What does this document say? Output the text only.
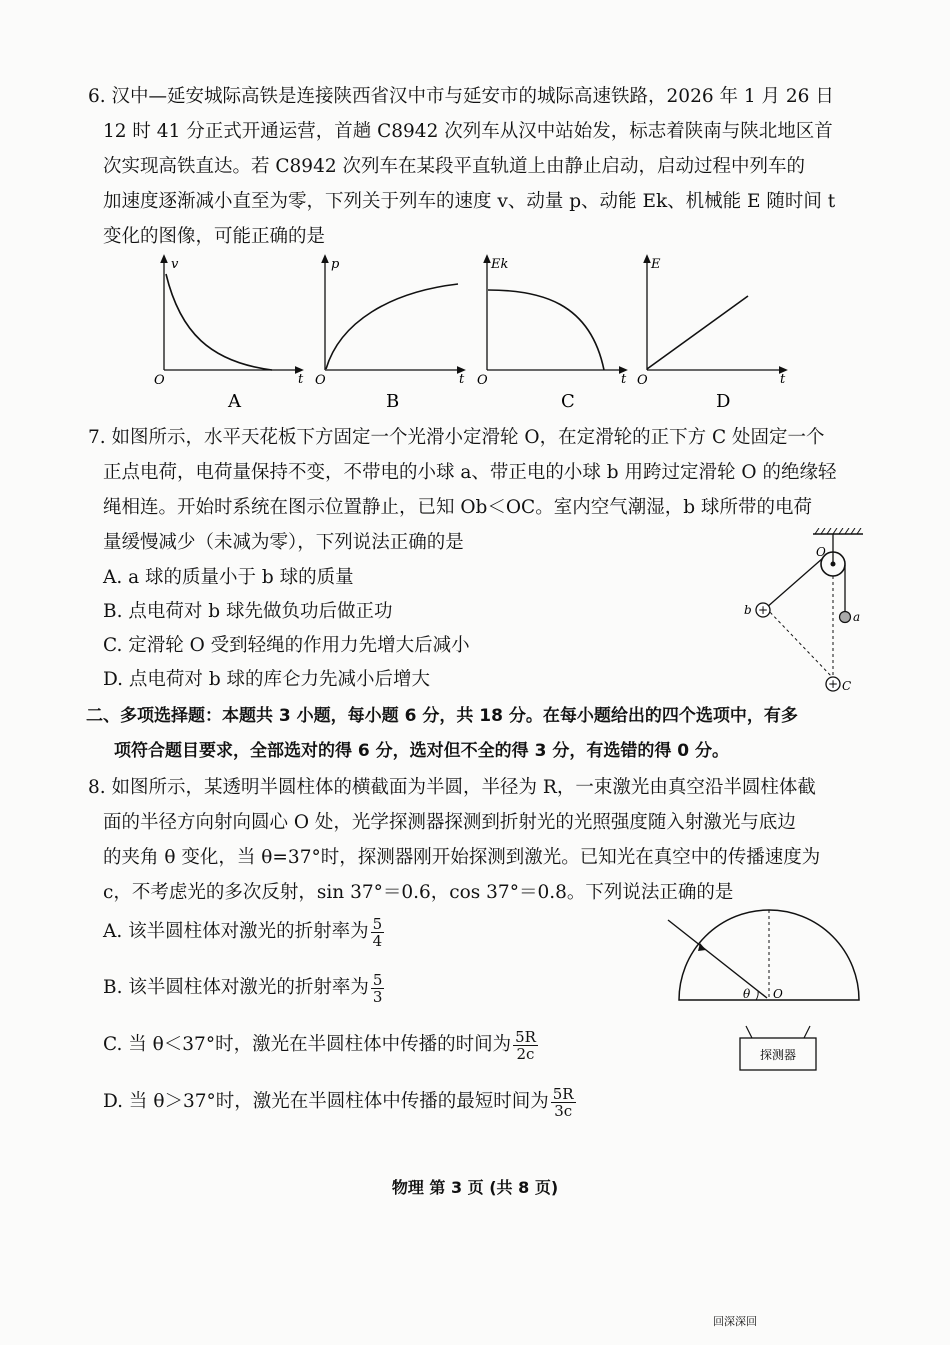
6. 汉中—延安城际高铁是连接陕西省汉中市与延安市的城际高速铁路，2026 年 1 月 26 日
12 时 41 分正式开通运营，首趟 C8942 次列车从汉中站始发，标志着陕南与陕北地区首
次实现高铁直达。若 C8942 次列车在某段平直轨道上由静止启动，启动过程中列车的
加速度逐渐减小直至为零，下列关于列车的速度 v、动量 p、动能 Ek、机械能 E 随时间 t
变化的图像，可能正确的是
v
t
O
p
t
O
Ek
t
O
E
t
O
A	B	C	D
7. 如图所示，水平天花板下方固定一个光滑小定滑轮 O，在定滑轮的正下方 C 处固定一个
正点电荷，电荷量保持不变，不带电的小球 a、带正电的小球 b 用跨过定滑轮 O 的绝缘轻
绳相连。开始时系统在图示位置静止，已知 Ob＜OC。室内空气潮湿，b 球所带的电荷
量缓慢减少（未减为零），下列说法正确的是
A. a 球的质量小于 b 球的质量
B. 点电荷对 b 球先做负功后做正功
C. 定滑轮 O 受到轻绳的作用力先增大后减小
D. 点电荷对 b 球的库仑力先减小后增大
+
+
O
b	a
C
二、多项选择题：本题共 3 小题，每小题 6 分，共 18 分。在每小题给出的四个选项中，有多
项符合题目要求，全部选对的得 6 分，选对但不全的得 3 分，有选错的得 0 分。
8. 如图所示，某透明半圆柱体的横截面为半圆，半径为 R，一束激光由真空沿半圆柱体截
面的半径方向射向圆心 O 处，光学探测器探测到折射光的光照强度随入射激光与底边
的夹角 θ 变化，当 θ=37°时，探测器刚开始探测到激光。已知光在真空中的传播速度为
c，不考虑光的多次反射，sin 37°＝0.6，cos 37°＝0.8。下列说法正确的是
A. 该半圆柱体对激光的折射率为 $\frac{5}{4}$
B. 该半圆柱体对激光的折射率为 $\frac{5}{3}$
C. 当 θ＜37°时，激光在半圆柱体中传播的时间为 $\frac{5R}{2c}$
D. 当 θ＞37°时，激光在半圆柱体中传播的最短时间为 $\frac{5R}{3c}$
θ O
探测器
物理 第 3 页 (共 8 页)
回深深回
